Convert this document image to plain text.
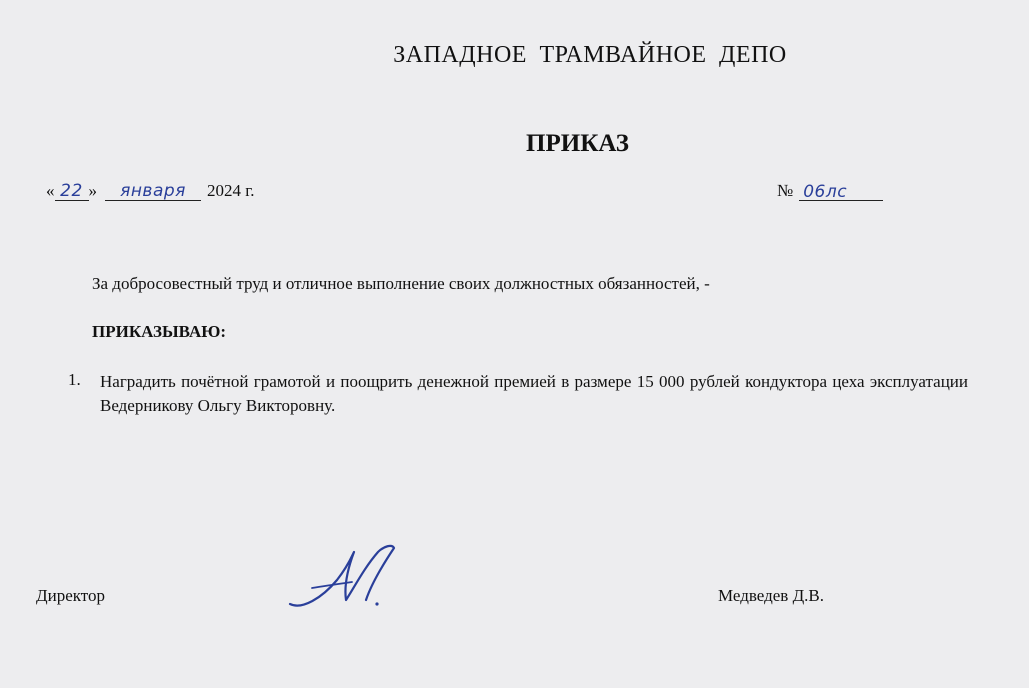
ЗАПАДНОЕ ТРАМВАЙНОЕ ДЕПО
ПРИКАЗ
« 22 »	января	2024 г.	№ 06лс
За добросовестный труд и отличное выполнение своих должностных обязанностей, -
ПРИКАЗЫВАЮ:
1.	Наградить почётной грамотой и поощрить денежной премией в размере 15 000 рублей кондуктора цеха эксплуатации Ведерникову Ольгу Викторовну.
Директор	Медведев Д.В.
